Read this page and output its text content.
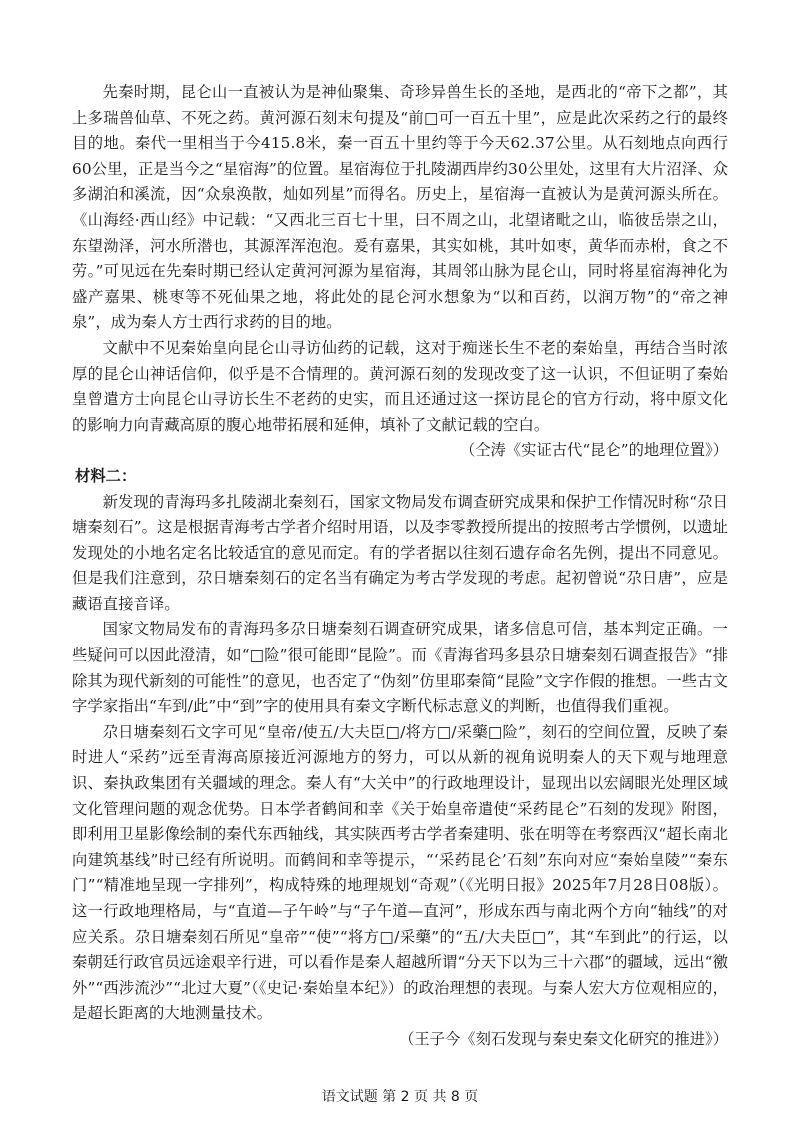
先秦时期，昆仑山一直被认为是神仙聚集、奇珍异兽生长的圣地，是西北的“帝下之都”，其上多瑞兽仙草、不死之药。黄河源石刻末句提及“前□可一百五十里”，应是此次采药之行的最终目的地。秦代一里相当于今415.8米，秦一百五十里约等于今天62.37公里。从石刻地点向西行60公里，正是当今之“星宿海”的位置。星宿海位于扎陵湖西岸约30公里处，这里有大片沼泽、众多湖泊和溪流，因“众泉涣散，灿如列星”而得名。历史上，星宿海一直被认为是黄河源头所在。《山海经·西山经》中记载：“又西北三百七十里，曰不周之山，北望诸毗之山，临彼岳崇之山，东望泑泽，河水所潜也，其源浑浑泡泡。爰有嘉果，其实如桃，其叶如枣，黄华而赤柎，食之不劳。”可见远在先秦时期已经认定黄河河源为星宿海，其周邻山脉为昆仑山，同时将星宿海神化为盛产嘉果、桃枣等不死仙果之地，将此处的昆仑河水想象为“以和百药，以润万物”的“帝之神泉”，成为秦人方士西行求药的目的地。

文献中不见秦始皇向昆仑山寻访仙药的记载，这对于痴迷长生不老的秦始皇，再结合当时浓厚的昆仑山神话信仰，似乎是不合情理的。黄河源石刻的发现改变了这一认识，不但证明了秦始皇曾遣方士向昆仑山寻访长生不老药的史实，而且还通过这一探访昆仑的官方行动，将中原文化的影响力向青藏高原的腹心地带拓展和延伸，填补了文献记载的空白。

（仝涛《实证古代“昆仑”的地理位置》）

材料二：

新发现的青海玛多扎陵湖北秦刻石，国家文物局发布调查研究成果和保护工作情况时称“尕日塘秦刻石”。这是根据青海考古学者介绍时用语，以及李零教授所提出的按照考古学惯例，以遗址发现处的小地名定名比较适宜的意见而定。有的学者据以往刻石遗存命名先例，提出不同意见。但是我们注意到，尕日塘秦刻石的定名当有确定为考古学发现的考虑。起初曾说“尕日唐”，应是藏语直接音译。

国家文物局发布的青海玛多尕日塘秦刻石调查研究成果，诸多信息可信，基本判定正确。一些疑问可以因此澄清，如“□险”很可能即“昆险”。而《青海省玛多县尕日塘秦刻石调查报告》“排除其为现代新刻的可能性”的意见，也否定了“伪刻”仿里耶秦简“昆险”文字作假的推想。一些古文字学家指出“车到/此”中“到”字的使用具有秦文字断代标志意义的判断，也值得我们重视。

尕日塘秦刻石文字可见“皇帝/使五/大夫臣□/将方□/采藥□险”，刻石的空间位置，反映了秦时进人“采药”远至青海高原接近河源地方的努力，可以从新的视角说明秦人的天下观与地理意识、秦执政集团有关疆域的理念。秦人有“大关中”的行政地理设计，显现出以宏阔眼光处理区域文化管理问题的观念优势。日本学者鹤间和幸《关于始皇帝遣使“采药昆仑”石刻的发现》附图，即利用卫星影像绘制的秦代东西轴线，其实陕西考古学者秦建明、张在明等在考察西汉“超长南北向建筑基线”时已经有所说明。而鹤间和幸等提示，“‘采药昆仑’石刻”东向对应“秦始皇陵”“秦东门”“精准地呈现一字排列”，构成特殊的地理规划“奇观”（《光明日报》2025年7月28日08版）。这一行政地理格局，与“直道—子午岭”与“子午道—直河”，形成东西与南北两个方向“轴线”的对应关系。尕日塘秦刻石所见“皇帝”“使”“将方□/采藥”的“五/大夫臣□”，其“车到此”的行运，以秦朝廷行政官员远途艰辛行进，可以看作是秦人超越所谓“分天下以为三十六郡”的疆域，远出“徼外”“西涉流沙”“北过大夏”（《史记·秦始皇本纪》）的政治理想的表现。与秦人宏大方位观相应的，是超长距离的大地测量技术。

（王子今《刻石发现与秦史秦文化研究的推进》）

语文试题 第 2 页 共 8 页
